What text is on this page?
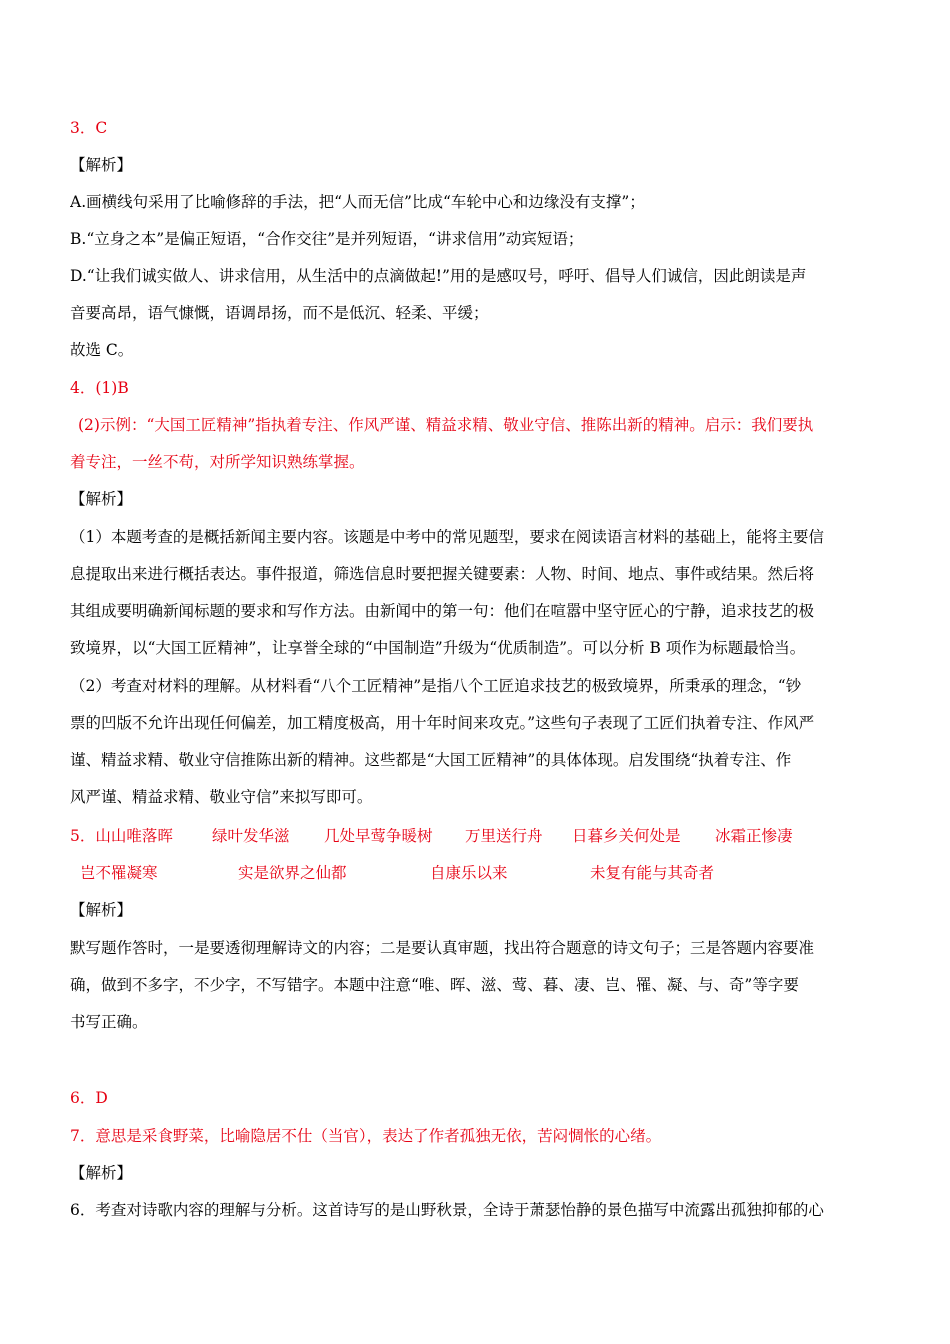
3．C
【解析】
A.画横线句采用了比喻修辞的手法，把“人而无信”比成“车轮中心和边缘没有支撑”；
B.“立身之本”是偏正短语，“合作交往”是并列短语，“讲求信用”动宾短语；
D.“让我们诚实做人、讲求信用，从生活中的点滴做起!”用的是感叹号，呼吁、倡导人们诚信，因此朗读是声
音要高昂，语气慷慨，语调昂扬，而不是低沉、轻柔、平缓；
故选 C。
4．(1)B
(2)示例：“大国工匠精神”指执着专注、作风严谨、精益求精、敬业守信、推陈出新的精神。启示：我们要执
着专注，一丝不苟，对所学知识熟练掌握。
【解析】
（1）本题考查的是概括新闻主要内容。该题是中考中的常见题型，要求在阅读语言材料的基础上，能将主要信
息提取出来进行概括表达。事件报道，筛选信息时要把握关键要素：人物、时间、地点、事件或结果。然后将
其组成要明确新闻标题的要求和写作方法。由新闻中的第一句：他们在喧嚣中坚守匠心的宁静，追求技艺的极
致境界，以“大国工匠精神”，让享誉全球的“中国制造”升级为“优质制造”。可以分析 B 项作为标题最恰当。
（2）考查对材料的理解。从材料看“八个工匠精神”是指八个工匠追求技艺的极致境界，所秉承的理念，“钞
票的凹版不允许出现任何偏差，加工精度极高，用十年时间来攻克。”这些句子表现了工匠们执着专注、作风严
谨、精益求精、敬业守信推陈出新的精神。这些都是“大国工匠精神”的具体体现。启发围绕“执着专注、作
风严谨、精益求精、敬业守信”来拟写即可。
5．山山唯落晖	绿叶发华滋 几处早莺争暖树 万里送行舟 日暮乡关何处是 冰霜正惨凄
岂不罹凝寒	实是欲界之仙都	自康乐以来	未复有能与其奇者
【解析】
默写题作答时，一是要透彻理解诗文的内容；二是要认真审题，找出符合题意的诗文句子；三是答题内容要准
确，做到不多字，不少字，不写错字。本题中注意“唯、晖、滋、莺、暮、凄、岂、罹、凝、与、奇”等字要
书写正确。
6．D
7．意思是采食野菜，比喻隐居不仕（当官），表达了作者孤独无依，苦闷惆怅的心绪。
【解析】
6．考查对诗歌内容的理解与分析。这首诗写的是山野秋景，全诗于萧瑟怡静的景色描写中流露出孤独抑郁的心
